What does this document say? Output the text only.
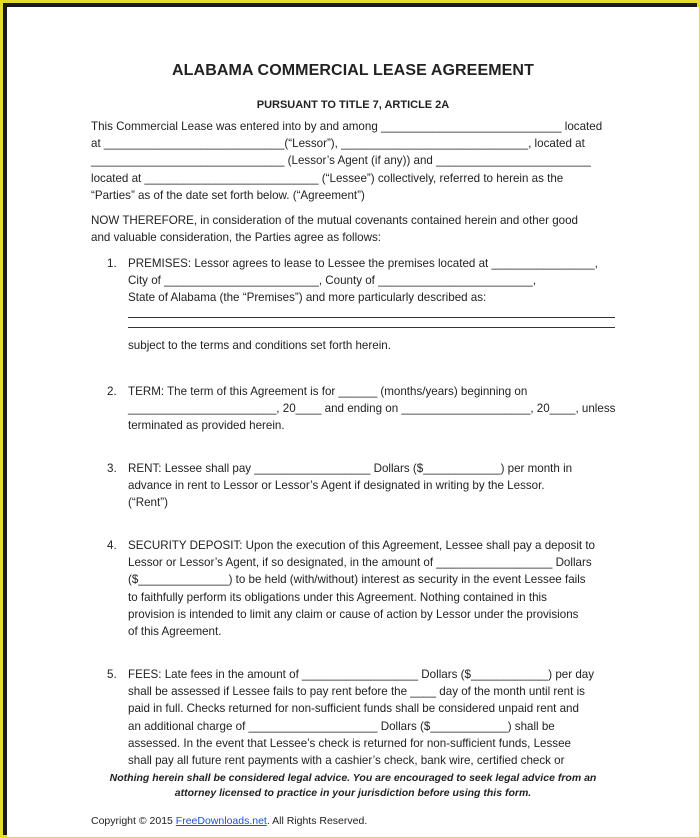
ALABAMA COMMERCIAL LEASE AGREEMENT
PURSUANT TO TITLE 7, ARTICLE 2A
This Commercial Lease was entered into by and among ____________________________ located
at ____________________________(“Lessor”), _____________________________, located at
______________________________ (Lessor’s Agent (if any)) and ________________________
located at ___________________________ (“Lessee”) collectively, referred to herein as the
“Parties” as of the date set forth below. (“Agreement”)
NOW THEREFORE, in consideration of the mutual covenants contained herein and other good
and valuable consideration, the Parties agree as follows:
1. PREMISES: Lessor agrees to lease to Lessee the premises located at ________________,
City of ________________________, County of ________________________,
State of Alabama (the “Premises”) and more particularly described as:
subject to the terms and conditions set forth herein.
2. TERM: The term of this Agreement is for ______ (months/years) beginning on
_______________________, 20____ and ending on ____________________, 20____, unless
terminated as provided herein.
3. RENT: Lessee shall pay __________________ Dollars ($____________) per month in
advance in rent to Lessor or Lessor’s Agent if designated in writing by the Lessor.
(“Rent”)
4. SECURITY DEPOSIT: Upon the execution of this Agreement, Lessee shall pay a deposit to
Lessor or Lessor’s Agent, if so designated, in the amount of __________________ Dollars
($______________) to be held (with/without) interest as security in the event Lessee fails
to faithfully perform its obligations under this Agreement. Nothing contained in this
provision is intended to limit any claim or cause of action by Lessor under the provisions
of this Agreement.
5. FEES: Late fees in the amount of __________________ Dollars ($____________) per day
shall be assessed if Lessee fails to pay rent before the ____ day of the month until rent is
paid in full. Checks returned for non-sufficient funds shall be considered unpaid rent and
an additional charge of ____________________ Dollars ($____________) shall be
assessed. In the event that Lessee’s check is returned for non-sufficient funds, Lessee
shall pay all future rent payments with a cashier’s check, bank wire, certified check or
Nothing herein shall be considered legal advice. You are encouraged to seek legal advice from an
attorney licensed to practice in your jurisdiction before using this form.
Copyright © 2015 FreeDownloads.net. All Rights Reserved.
